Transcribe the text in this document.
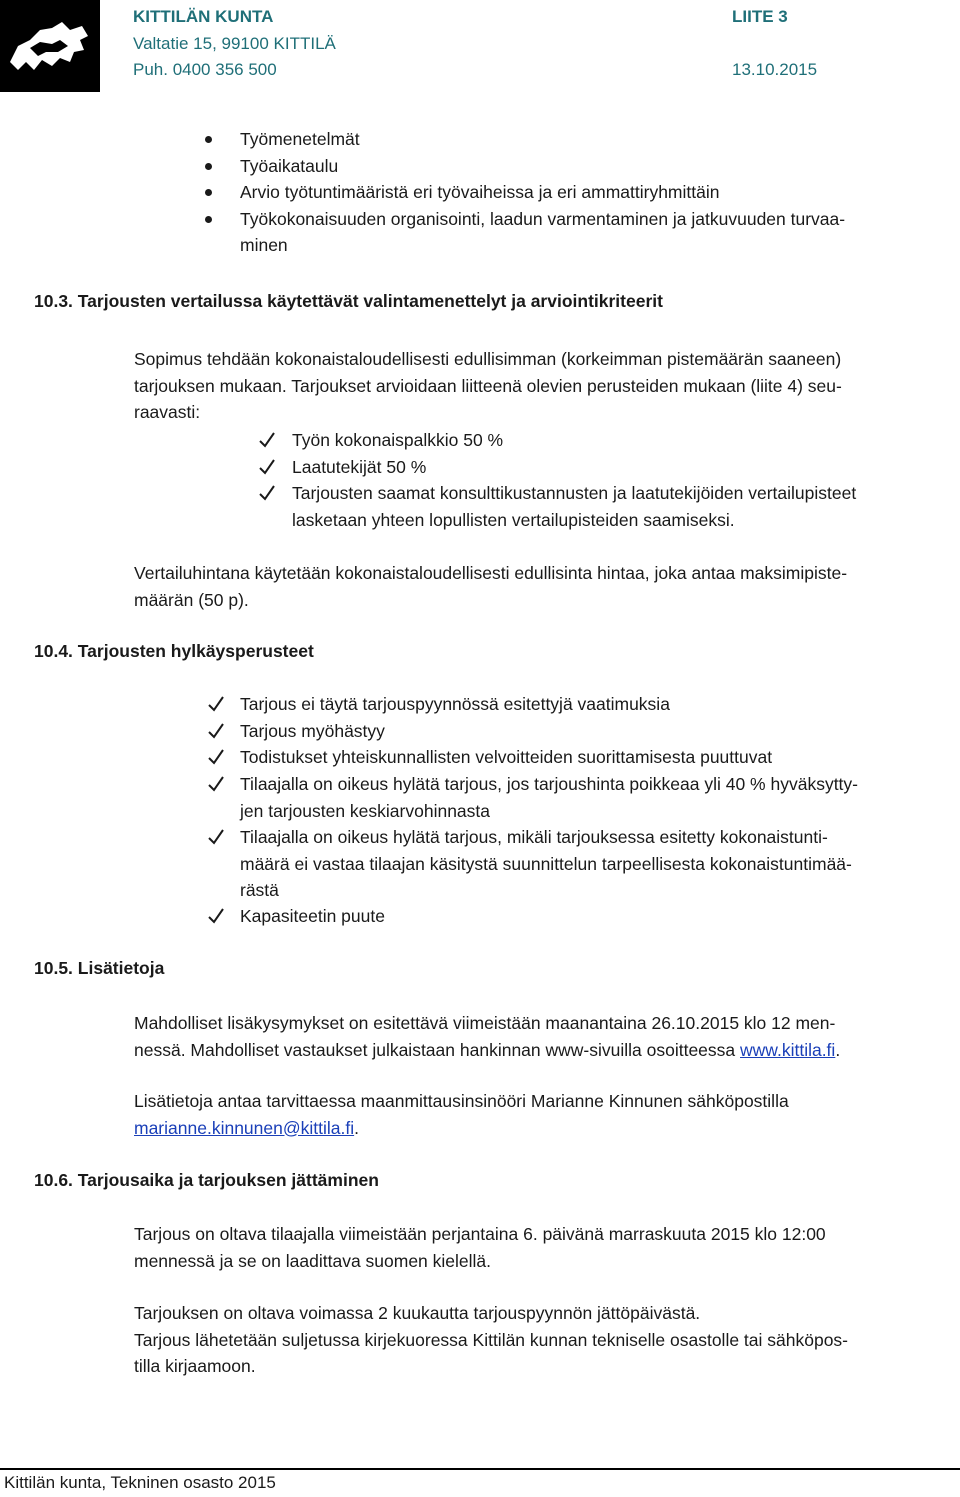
KITTILÄN KUNTA
Valtatie 15, 99100 KITTILÄ
Puh. 0400 356 500
LIITE 3

13.10.2015
Työmenetelmät
Työaikataulu
Arvio työtuntimääristä eri työvaiheissa ja eri ammattiryhmittäin
Työkokonaisuuden organisointi, laadun varmentaminen ja jatkuvuuden turvaa-
minen
10.3. Tarjousten vertailussa käytettävät valintamenettelyt ja arviointikriteerit
Sopimus tehdään kokonaistaloudellisesti edullisimman (korkeimman pistemäärän saaneen)
tarjouksen mukaan. Tarjoukset arvioidaan liitteenä olevien perusteiden mukaan (liite 4) seu-
raavasti:
Työn kokonaispalkkio 50 %
Laatutekijät 50 %
Tarjousten saamat konsulttikustannusten ja laatutekijöiden vertailupisteet
lasketaan yhteen lopullisten vertailupisteiden saamiseksi.
Vertailuhintana käytetään kokonaistaloudellisesti edullisinta hintaa, joka antaa maksimipiste-
määrän (50 p).
10.4. Tarjousten hylkäysperusteet
Tarjous ei täytä tarjouspyynnössä esitettyjä vaatimuksia
Tarjous myöhästyy
Todistukset yhteiskunnallisten velvoitteiden suorittamisesta puuttuvat
Tilaajalla on oikeus hylätä tarjous, jos tarjoushinta poikkeaa yli 40 % hyväksytty-
jen tarjousten keskiarvohinnasta
Tilaajalla on oikeus hylätä tarjous, mikäli tarjouksessa esitetty kokonaistunti-
määrä ei vastaa tilaajan käsitystä suunnittelun tarpeellisesta kokonaistuntimää-
rästä
Kapasiteetin puute
10.5. Lisätietoja
Mahdolliset lisäkysymykset on esitettävä viimeistään maanantaina 26.10.2015 klo 12 men-
nessä. Mahdolliset vastaukset julkaistaan hankinnan www-sivuilla osoitteessa www.kittila.fi.
Lisätietoja antaa tarvittaessa maanmittausinsinööri Marianne Kinnunen sähköpostilla
marianne.kinnunen@kittila.fi.
10.6. Tarjousaika ja tarjouksen jättäminen
Tarjous on oltava tilaajalla viimeistään perjantaina 6. päivänä marraskuuta 2015 klo 12:00
mennessä ja se on laadittava suomen kielellä.
Tarjouksen on oltava voimassa 2 kuukautta tarjouspyynnön jättöpäivästä.
Tarjous lähetetään suljetussa kirjekuoressa Kittilän kunnan tekniselle osastolle tai sähköpos-
tilla kirjaamoon.
Kittilän kunta, Tekninen osasto 2015
